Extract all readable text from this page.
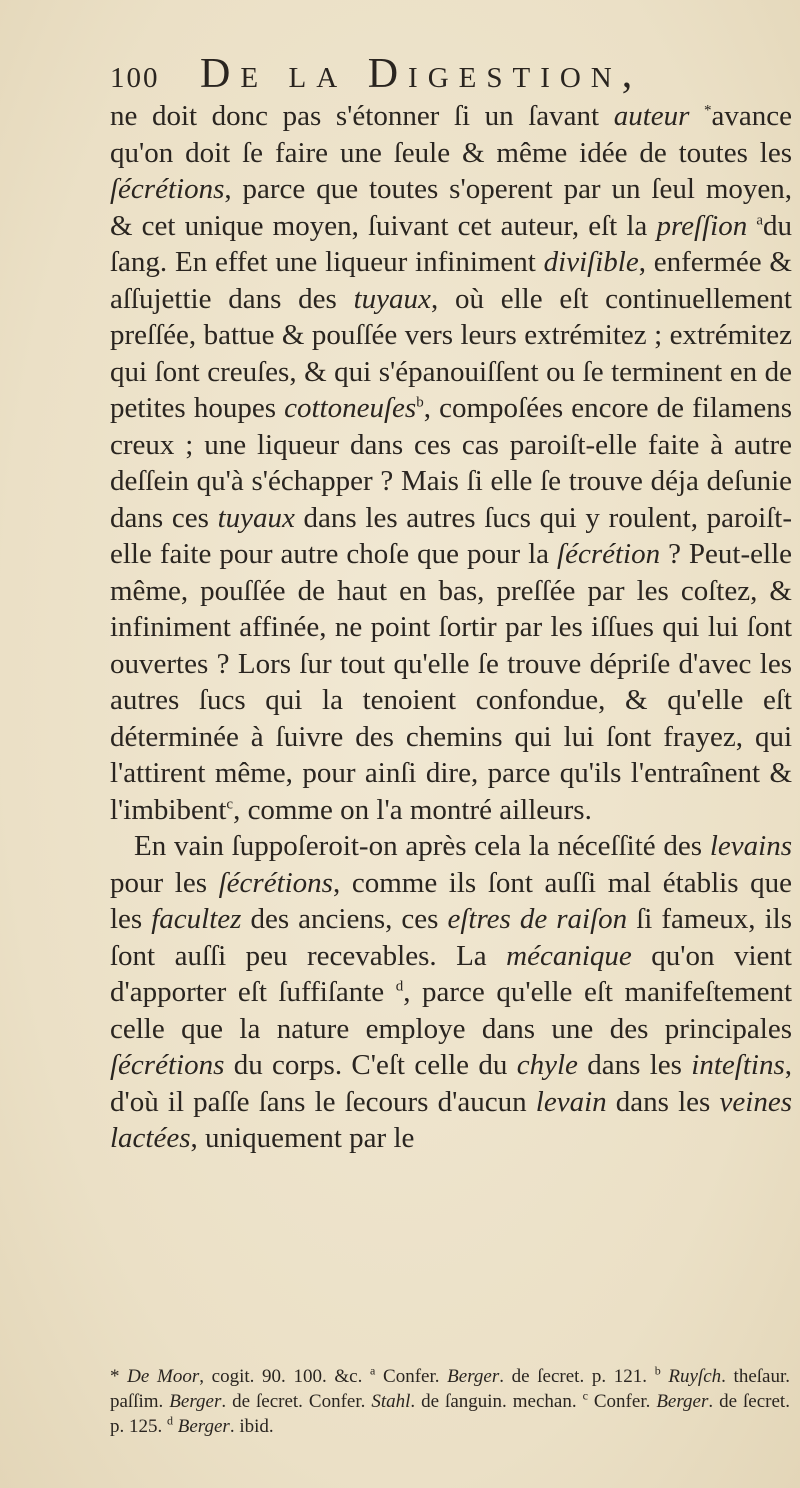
100 De la Digestion,

ne doit donc pas s'étonner ſi un ſavant auteur *avance qu'on doit ſe faire une ſeule & même idée de toutes les ſécrétions, parce que toutes s'operent par un ſeul moyen, & cet unique moyen, ſuivant cet auteur, eſt la preſſion $^a$du ſang. En effet une liqueur infiniment diviſible, enfermée & aſſujettie dans des tuyaux, où elle eſt continuellement preſſée, battue & pouſſée vers leurs extrémitez ; extrémitez qui ſont creuſes, & qui s'épanouiſſent ou ſe terminent en de petites houpes cottoneuſes$^b$, compoſées encore de filamens creux ; une liqueur dans ces cas paroiſt-elle faite à autre deſſein qu'à s'échapper ? Mais ſi elle ſe trouve déja deſunie dans ces tuyaux dans les autres ſucs qui y roulent, paroiſt-elle faite pour autre choſe que pour la ſécrétion ? Peut-elle même, pouſſée de haut en bas, preſſée par les coſtez, & infiniment affinée, ne point ſortir par les iſſues qui lui ſont ouvertes ? Lors ſur tout qu'elle ſe trouve dépriſe d'avec les autres ſucs qui la tenoient confondue, & qu'elle eſt déterminée à ſuivre des chemins qui lui ſont frayez, qui l'attirent même, pour ainſi dire, parce qu'ils l'entraînent & l'imbibent$^c$, comme on l'a montré ailleurs.

En vain ſuppoſeroit-on après cela la néceſſité des levains pour les ſécrétions, comme ils ſont auſſi mal établis que les facultez des anciens, ces eſtres de raiſon ſi fameux, ils ſont auſſi peu recevables. La mécanique qu'on vient d'apporter eſt ſuffiſante $^d$, parce qu'elle eſt manifeſtement celle que la nature employe dans une des principales ſécrétions du corps. C'eſt celle du chyle dans les inteſtins, d'où il paſſe ſans le ſecours d'aucun levain dans les veines lactées, uniquement par le

* De Moor, cogit. 90. 100. &c. $^a$ Confer. Berger. de ſecret. p. 121. $^b$ Ruyſch. theſaur. paſſim. Berger. de ſecret. Confer. Stahl. de ſanguin. mechan. $^c$ Confer. Berger. de ſecret. p. 125. $^d$ Berger. ibid.
